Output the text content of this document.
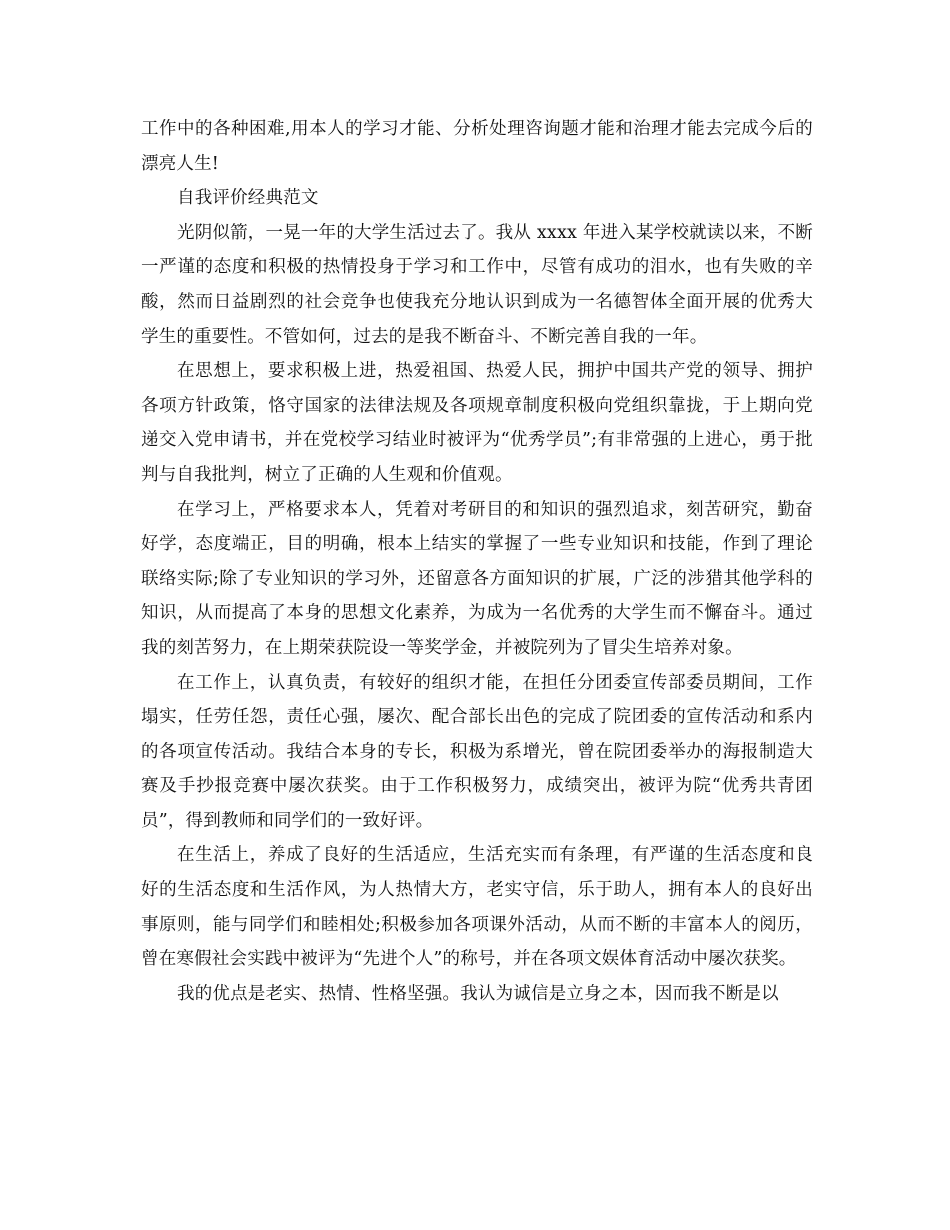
工作中的各种困难,用本人的学习才能、分析处理咨询题才能和治理才能去完成今后的漂亮人生!

自我评价经典范文

光阴似箭，一晃一年的大学生活过去了。我从 xxxx 年进入某学校就读以来，不断一严谨的态度和积极的热情投身于学习和工作中，尽管有成功的泪水，也有失败的辛酸，然而日益剧烈的社会竞争也使我充分地认识到成为一名德智体全面开展的优秀大学生的重要性。不管如何，过去的是我不断奋斗、不断完善自我的一年。

在思想上，要求积极上进，热爱祖国、热爱人民，拥护中国共产党的领导、拥护各项方针政策，恪守国家的法律法规及各项规章制度积极向党组织靠拢，于上期向党递交入党申请书，并在党校学习结业时被评为“优秀学员”;有非常强的上进心，勇于批判与自我批判，树立了正确的人生观和价值观。

在学习上，严格要求本人，凭着对考研目的和知识的强烈追求，刻苦研究，勤奋好学，态度端正，目的明确，根本上结实的掌握了一些专业知识和技能，作到了理论联络实际;除了专业知识的学习外，还留意各方面知识的扩展，广泛的涉猎其他学科的知识，从而提高了本身的思想文化素养，为成为一名优秀的大学生而不懈奋斗。通过我的刻苦努力，在上期荣获院设一等奖学金，并被院列为了冒尖生培养对象。

在工作上，认真负责，有较好的组织才能，在担任分团委宣传部委员期间，工作塌实，任劳任怨，责任心强，屡次、配合部长出色的完成了院团委的宣传活动和系内的各项宣传活动。我结合本身的专长，积极为系增光，曾在院团委举办的海报制造大赛及手抄报竞赛中屡次获奖。由于工作积极努力，成绩突出，被评为院“优秀共青团员”，得到教师和同学们的一致好评。

在生活上，养成了良好的生活适应，生活充实而有条理，有严谨的生活态度和良好的生活态度和生活作风，为人热情大方，老实守信，乐于助人，拥有本人的良好出事原则，能与同学们和睦相处;积极参加各项课外活动，从而不断的丰富本人的阅历，曾在寒假社会实践中被评为“先进个人”的称号，并在各项文娱体育活动中屡次获奖。

我的优点是老实、热情、性格坚强。我认为诚信是立身之本，因而我不断是以
